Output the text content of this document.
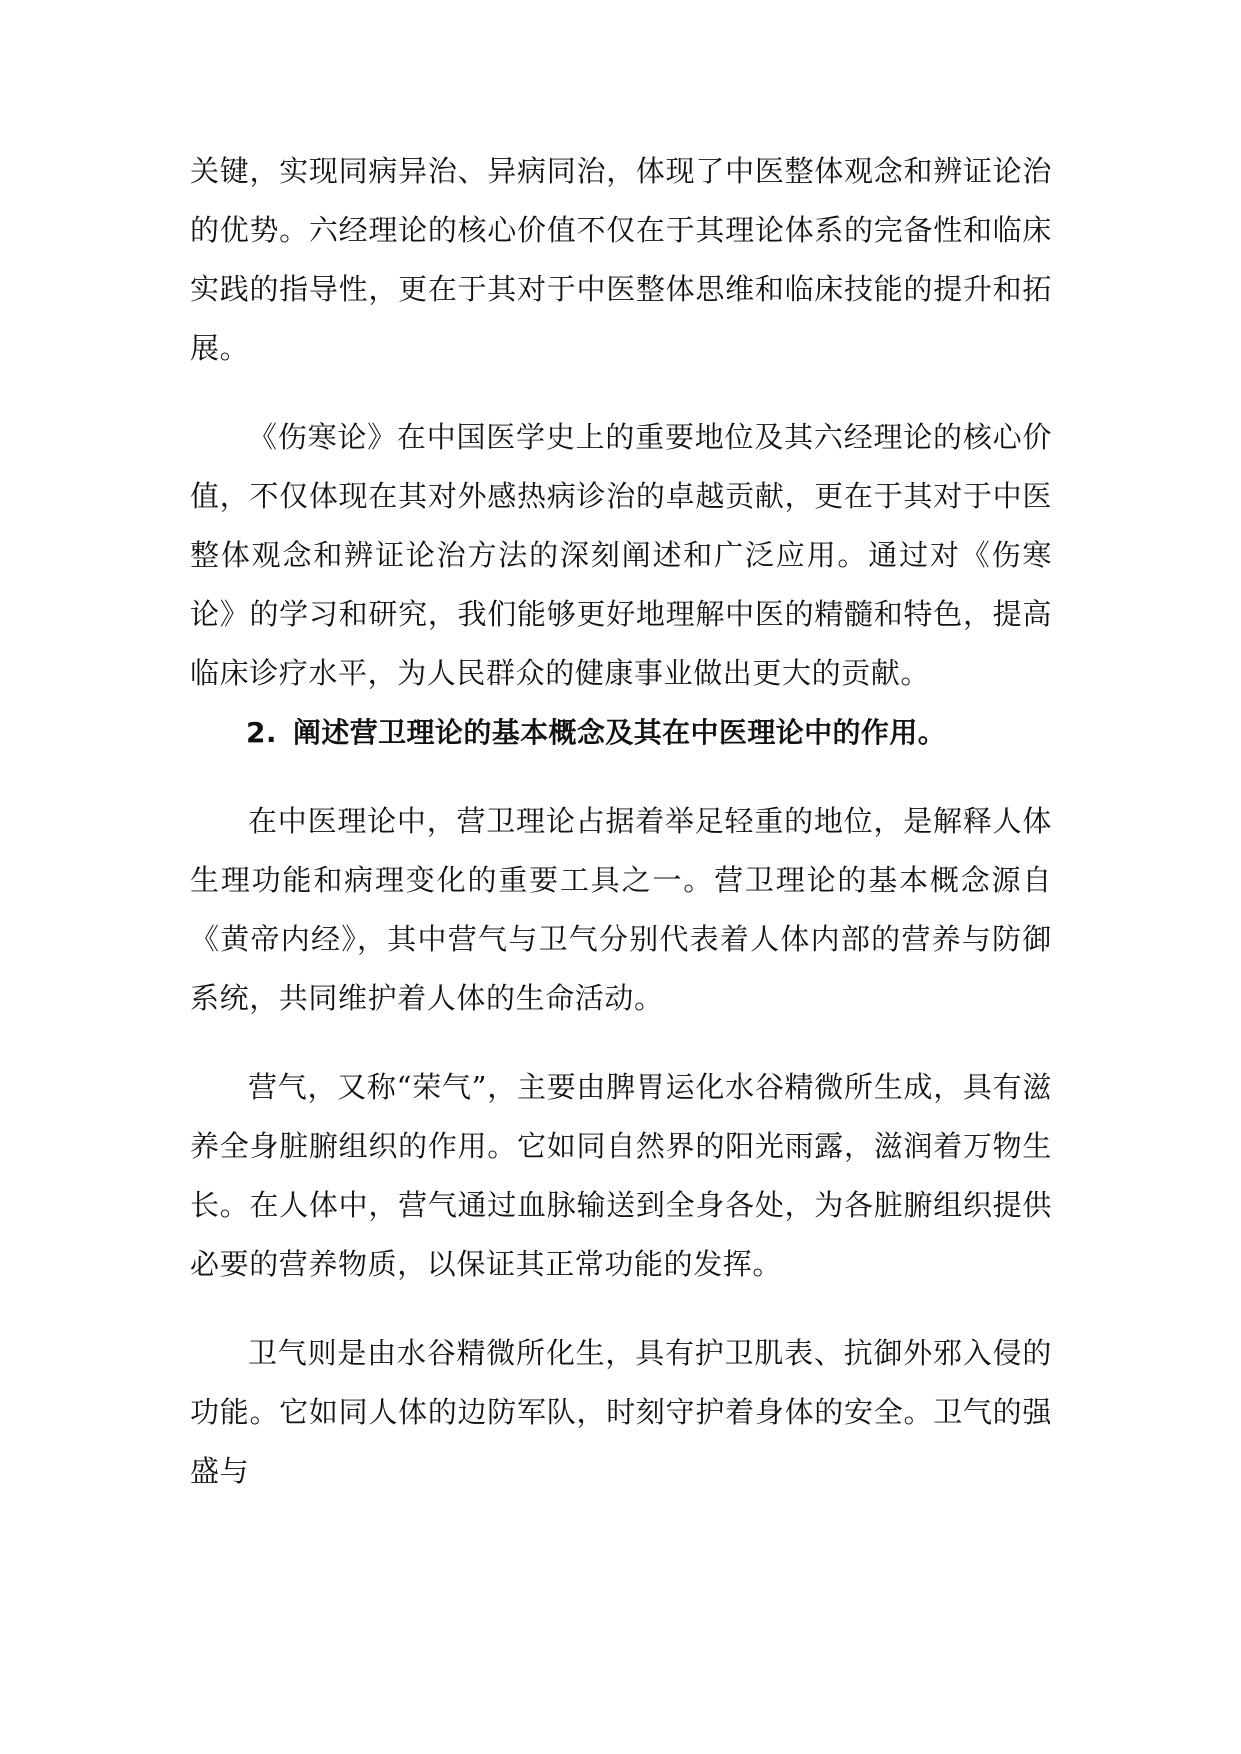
关键，实现同病异治、异病同治，体现了中医整体观念和辨证论治的优势。六经理论的核心价值不仅在于其理论体系的完备性和临床实践的指导性，更在于其对于中医整体思维和临床技能的提升和拓展。

《伤寒论》在中国医学史上的重要地位及其六经理论的核心价值，不仅体现在其对外感热病诊治的卓越贡献，更在于其对于中医整体观念和辨证论治方法的深刻阐述和广泛应用。通过对《伤寒论》的学习和研究，我们能够更好地理解中医的精髓和特色，提高临床诊疗水平，为人民群众的健康事业做出更大的贡献。

2. 阐述营卫理论的基本概念及其在中医理论中的作用。

在中医理论中，营卫理论占据着举足轻重的地位，是解释人体生理功能和病理变化的重要工具之一。营卫理论的基本概念源自《黄帝内经》，其中营气与卫气分别代表着人体内部的营养与防御系统，共同维护着人体的生命活动。

营气，又称“荣气”，主要由脾胃运化水谷精微所生成，具有滋养全身脏腑组织的作用。它如同自然界的阳光雨露，滋润着万物生长。在人体中，营气通过血脉输送到全身各处，为各脏腑组织提供必要的营养物质，以保证其正常功能的发挥。

卫气则是由水谷精微所化生，具有护卫肌表、抗御外邪入侵的功能。它如同人体的边防军队，时刻守护着身体的安全。卫气的强盛与
